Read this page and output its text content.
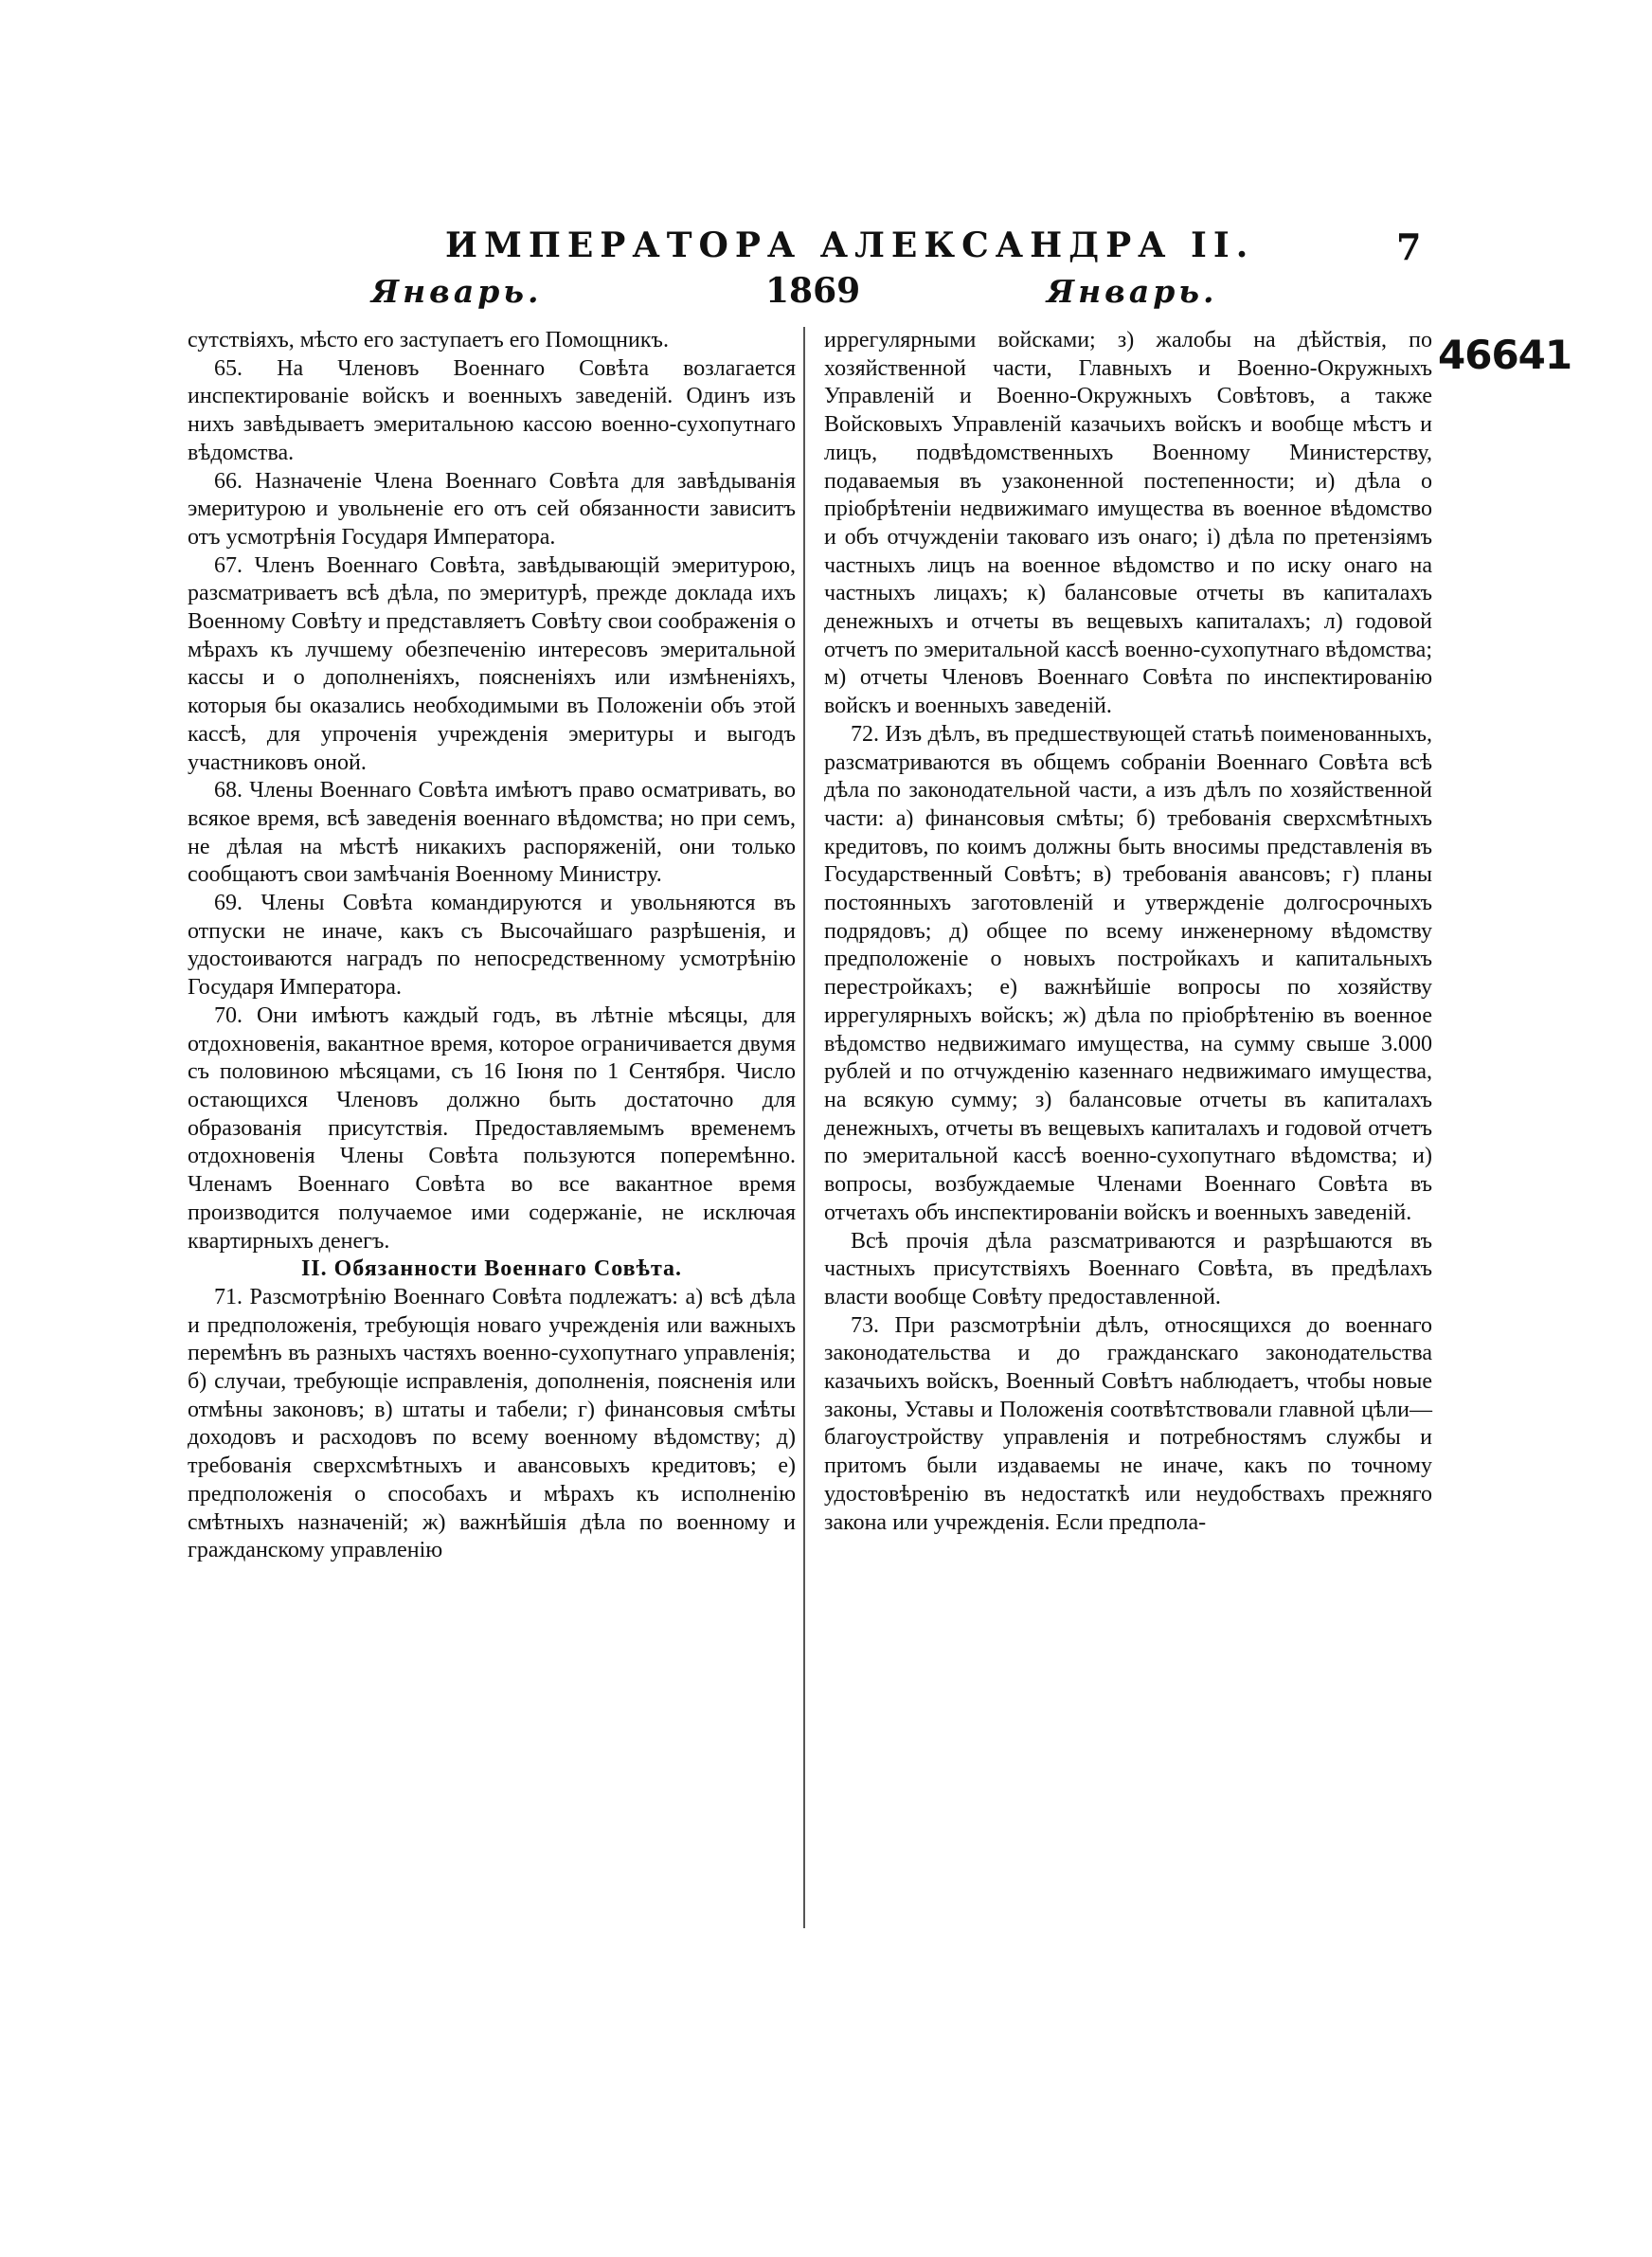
ИМПЕРАТОРА АЛЕКСАНДРА II.	7
Январь.	1869	Январь.
46641

сутствіяхъ, мѣсто его заступаетъ его Помощникъ.

65. На Членовъ Военнаго Совѣта возлагается инспектированіе войскъ и военныхъ заведеній. Одинъ изъ нихъ завѣдываетъ эмеритальною кассою военно-сухопутнаго вѣдомства.

66. Назначеніе Члена Военнаго Совѣта для завѣдыванія эмеритурою и увольненіе его отъ сей обязанности зависитъ отъ усмотрѣнія Государя Императора.

67. Членъ Военнаго Совѣта, завѣдывающій эмеритурою, разсматриваетъ всѣ дѣла, по эмеритурѣ, прежде доклада ихъ Военному Совѣту и представляетъ Совѣту свои соображенія о мѣрахъ къ лучшему обезпеченію интересовъ эмеритальной кассы и о дополненіяхъ, поясненіяхъ или измѣненіяхъ, которыя бы оказались необходимыми въ Положеніи объ этой кассѣ, для упроченія учрежденія эмеритуры и выгодъ участниковъ оной.

68. Члены Военнаго Совѣта имѣютъ право осматривать, во всякое время, всѣ заведенія военнаго вѣдомства; но при семъ, не дѣлая на мѣстѣ никакихъ распоряженій, они только сообщаютъ свои замѣчанія Военному Министру.

69. Члены Совѣта командируются и увольняются въ отпуски не иначе, какъ съ Высочайшаго разрѣшенія, и удостоиваются наградъ по непосредственному усмотрѣнію Государя Императора.

70. Они имѣютъ каждый годъ, въ лѣтніе мѣсяцы, для отдохновенія, вакантное время, которое ограничивается двумя съ половиною мѣсяцами, съ 16 Іюня по 1 Сентября. Число остающихся Членовъ должно быть достаточно для образованія присутствія. Предоставляемымъ временемъ отдохновенія Члены Совѣта пользуются поперемѣнно. Членамъ Военнаго Совѣта во все вакантное время производится получаемое ими содержаніе, не исключая квартирныхъ денегъ.

II. Обязанности Военнаго Совѣта.

71. Разсмотрѣнію Военнаго Совѣта подлежатъ: а) всѣ дѣла и предположенія, требующія новаго учрежденія или важныхъ перемѣнъ въ разныхъ частяхъ военно-сухопутнаго управленія; б) случаи, требующіе исправленія, дополненія, поясненія или отмѣны законовъ; в) штаты и табели; г) финансовыя смѣты доходовъ и расходовъ по всему военному вѣдомству; д) требованія сверхсмѣтныхъ и авансовыхъ кредитовъ; е) предположенія о способахъ и мѣрахъ къ исполненію смѣтныхъ назначеній; ж) важнѣйшія дѣла по военному и гражданскому управленію

иррегулярными войсками; з) жалобы на дѣйствія, по хозяйственной части, Главныхъ и Военно-Окружныхъ Управленій и Военно-Окружныхъ Совѣтовъ, а также Войсковыхъ Управленій казачьихъ войскъ и вообще мѣстъ и лицъ, подвѣдомственныхъ Военному Министерству, подаваемыя въ узаконенной постепенности; и) дѣла о пріобрѣтеніи недвижимаго имущества въ военное вѣдомство и объ отчужденіи таковаго изъ онаго; і) дѣла по претензіямъ частныхъ лицъ на военное вѣдомство и по иску онаго на частныхъ лицахъ; к) балансовые отчеты въ капиталахъ денежныхъ и отчеты въ вещевыхъ капиталахъ; л) годовой отчетъ по эмеритальной кассѣ военно-сухопутнаго вѣдомства; м) отчеты Членовъ Военнаго Совѣта по инспектированію войскъ и военныхъ заведеній.

72. Изъ дѣлъ, въ предшествующей статьѣ поименованныхъ, разсматриваются въ общемъ собраніи Военнаго Совѣта всѣ дѣла по законодательной части, а изъ дѣлъ по хозяйственной части: а) финансовыя смѣты; б) требованія сверхсмѣтныхъ кредитовъ, по коимъ должны быть вносимы представленія въ Государственный Совѣтъ; в) требованія авансовъ; г) планы постоянныхъ заготовленій и утвержденіе долгосрочныхъ подрядовъ; д) общее по всему инженерному вѣдомству предположеніе о новыхъ постройкахъ и капитальныхъ перестройкахъ; е) важнѣйшіе вопросы по хозяйству иррегулярныхъ войскъ; ж) дѣла по пріобрѣтенію въ военное вѣдомство недвижимаго имущества, на сумму свыше 3.000 рублей и по отчужденію казеннаго недвижимаго имущества, на всякую сумму; з) балансовые отчеты въ капиталахъ денежныхъ, отчеты въ вещевыхъ капиталахъ и годовой отчетъ по эмеритальной кассѣ военно-сухопутнаго вѣдомства; и) вопросы, возбуждаемые Членами Военнаго Совѣта въ отчетахъ объ инспектированіи войскъ и военныхъ заведеній.

Всѣ прочія дѣла разсматриваются и разрѣшаются въ частныхъ присутствіяхъ Военнаго Совѣта, въ предѣлахъ власти вообще Совѣту предоставленной.

73. При разсмотрѣніи дѣлъ, относящихся до военнаго законодательства и до гражданскаго законодательства казачьихъ войскъ, Военный Совѣтъ наблюдаетъ, чтобы новые законы, Уставы и Положенія соотвѣтствовали главной цѣли—благоустройству управленія и потребностямъ службы и притомъ были издаваемы не иначе, какъ по точному удостовѣренію въ недостаткѣ или неудобствахъ прежняго закона или учрежденія. Если предпола-
